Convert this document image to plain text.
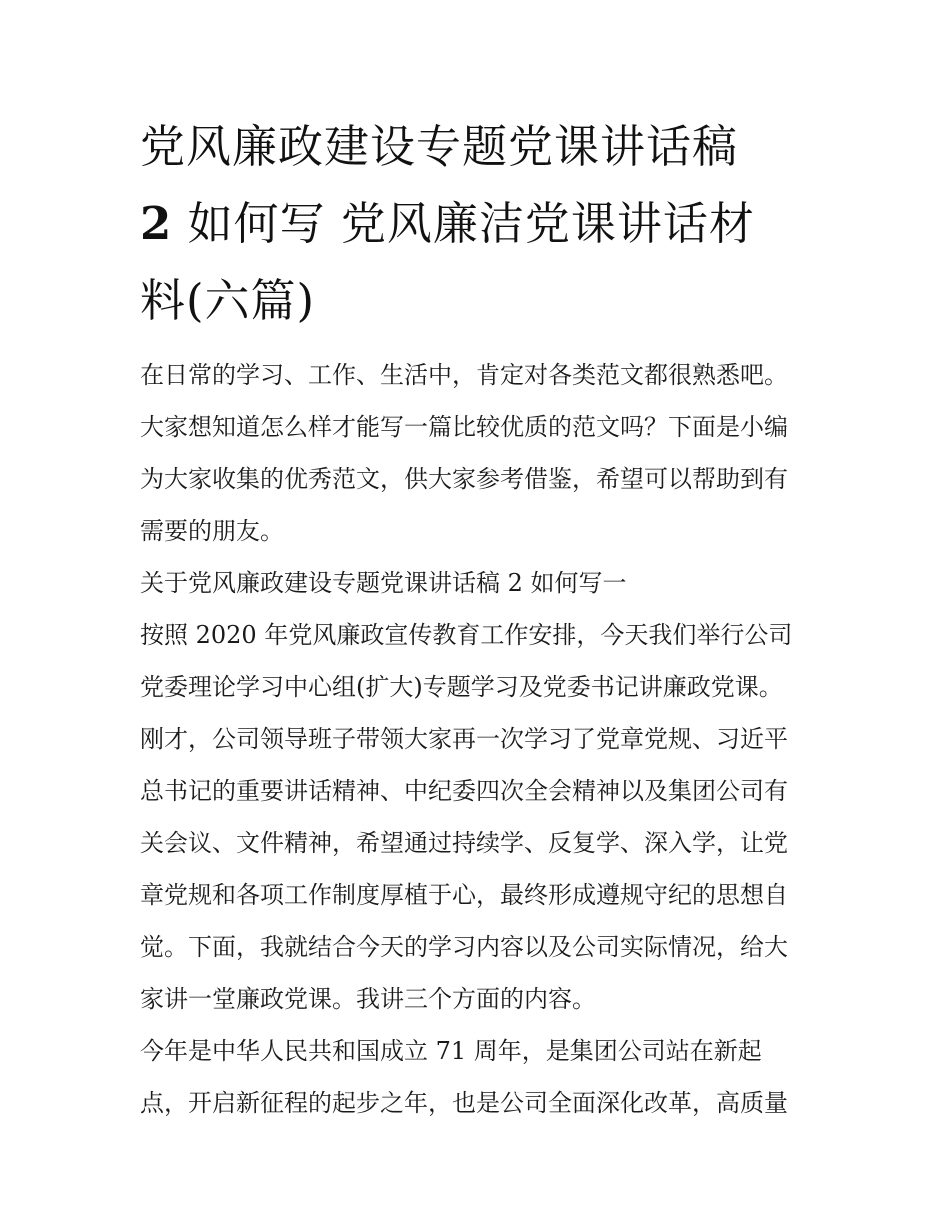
党风廉政建设专题党课讲话稿
2 如何写 党风廉洁党课讲话材
料(六篇)
在日常的学习、工作、生活中，肯定对各类范文都很熟悉吧。
大家想知道怎么样才能写一篇比较优质的范文吗？下面是小编
为大家收集的优秀范文，供大家参考借鉴，希望可以帮助到有
需要的朋友。
关于党风廉政建设专题党课讲话稿 2 如何写一
按照 2020 年党风廉政宣传教育工作安排，今天我们举行公司
党委理论学习中心组(扩大)专题学习及党委书记讲廉政党课。
刚才，公司领导班子带领大家再一次学习了党章党规、习近平
总书记的重要讲话精神、中纪委四次全会精神以及集团公司有
关会议、文件精神，希望通过持续学、反复学、深入学，让党
章党规和各项工作制度厚植于心，最终形成遵规守纪的思想自
觉。下面，我就结合今天的学习内容以及公司实际情况，给大
家讲一堂廉政党课。我讲三个方面的内容。
今年是中华人民共和国成立 71 周年，是集团公司站在新起
点，开启新征程的起步之年，也是公司全面深化改革，高质量
